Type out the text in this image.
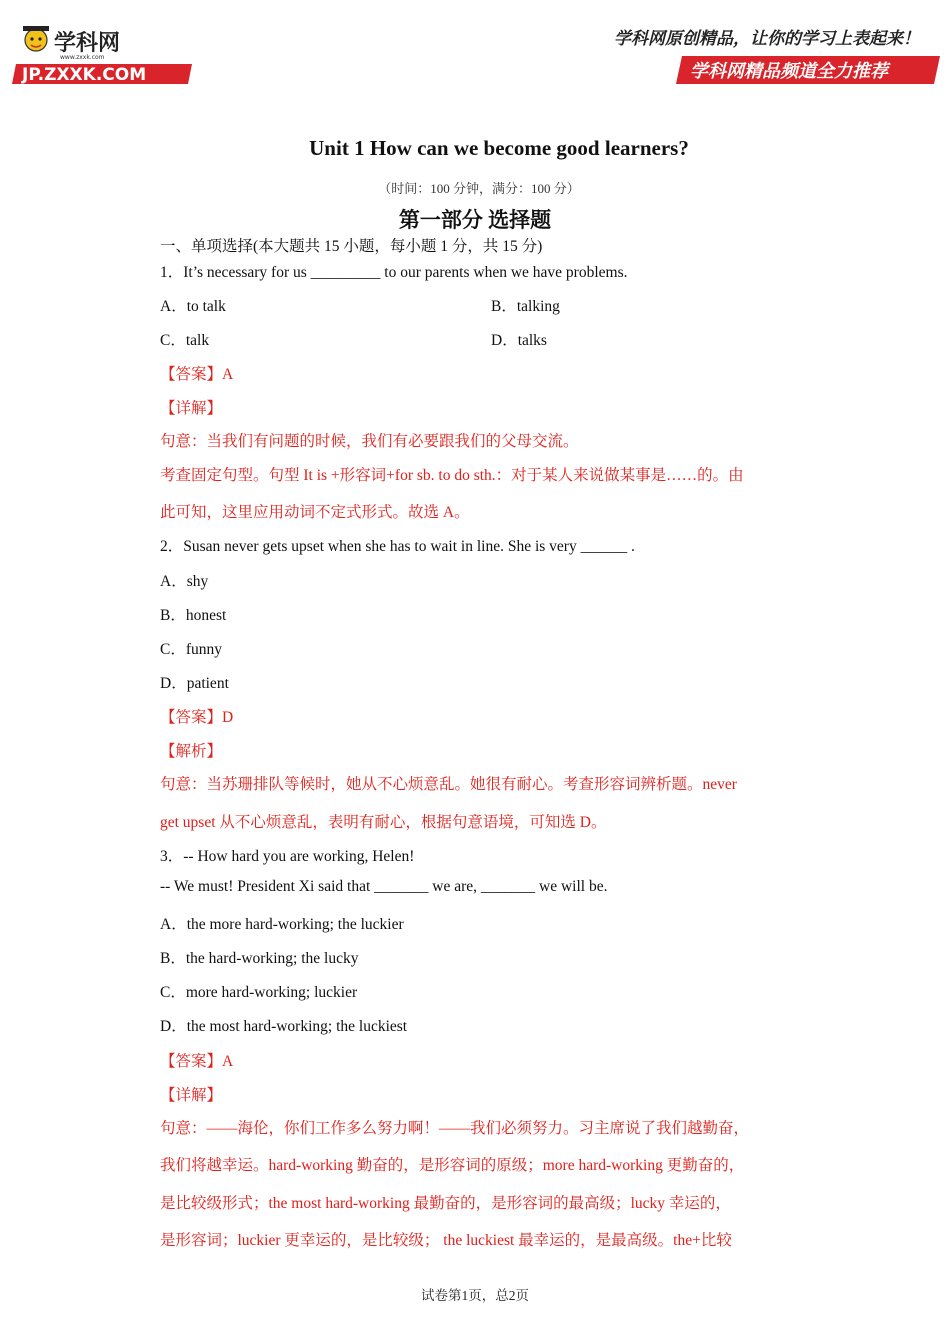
学科网
www.zxxk.com
JP.ZXXK.COM
学科网原创精品，让你的学习上表起来！
学科网精品频道全力推荐
Unit 1 How can we become good learners?
（时间：100 分钟，满分：100 分）
第一部分 选择题
一、单项选择(本大题共 15 小题，每小题 1 分，共 15 分)
1．It’s necessary for us _________ to our parents when we have problems.
A．to talk	B．talking
C．talk	D．talks
【答案】A
【详解】
句意：当我们有问题的时候，我们有必要跟我们的父母交流。
考查固定句型。句型 It is +形容词+for sb. to do sth.：对于某人来说做某事是……的。由
此可知，这里应用动词不定式形式。故选 A。
2．Susan never gets upset when she has to wait in line. She is very ______ .
A．shy
B．honest
C．funny
D．patient
【答案】D
【解析】
句意：当苏珊排队等候时，她从不心烦意乱。她很有耐心。考查形容词辨析题。never
get upset 从不心烦意乱，表明有耐心，根据句意语境，可知选 D。
3．-- How hard you are working, Helen!
-- We must! President Xi said that _______ we are, _______ we will be.
A．the more hard-working; the luckier
B．the hard-working; the lucky
C．more hard-working; luckier
D．the most hard-working; the luckiest
【答案】A
【详解】
句意：——海伦，你们工作多么努力啊！——我们必须努力。习主席说了我们越勤奋，
我们将越幸运。hard-working 勤奋的，是形容词的原级；more hard-working 更勤奋的，
是比较级形式；the most hard-working 最勤奋的，是形容词的最高级；lucky 幸运的，
是形容词；luckier 更幸运的，是比较级； the luckiest 最幸运的，是最高级。the+比较
试卷第1页，总2页
